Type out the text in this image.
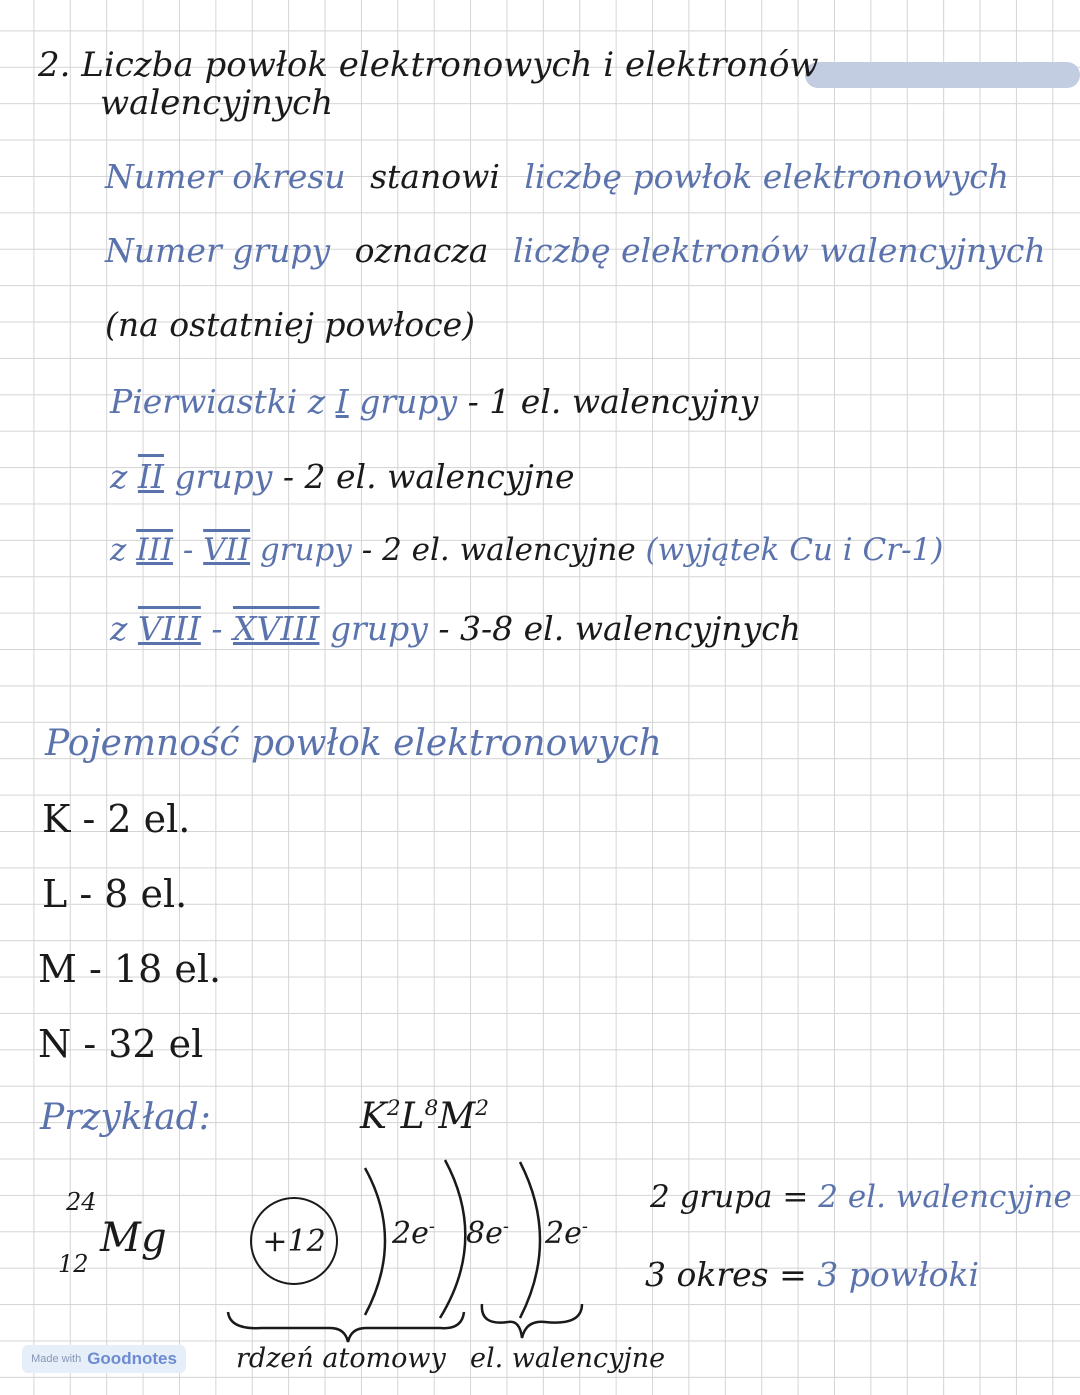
2. Liczba powłok elektronowych i elektronów
walencyjnych
Numer okresu stanowi liczbę powłok elektronowych
Numer grupy oznacza liczbę elektronów walencyjnych
(na ostatniej powłoce)
Pierwiastki z I grupy - 1 el. walencyjny
z II grupy - 2 el. walencyjne
z III - VII grupy - 2 el. walencyjne (wyjątek Cu i Cr-1)
z VIII - XVIII grupy - 3-8 el. walencyjnych
Pojemność powłok elektronowych
K - 2 el.
L - 8 el.
M - 18 el.
N - 32 el
Przykład:	$K^2L^8M^2$
24
12
Mg	+12	2e- 8e- 2e-
2 grupa = 2 el. walencyjne
3 okres = 3 powłoki
rdzeń atomowy el. walencyjne
Made with Goodnotes
